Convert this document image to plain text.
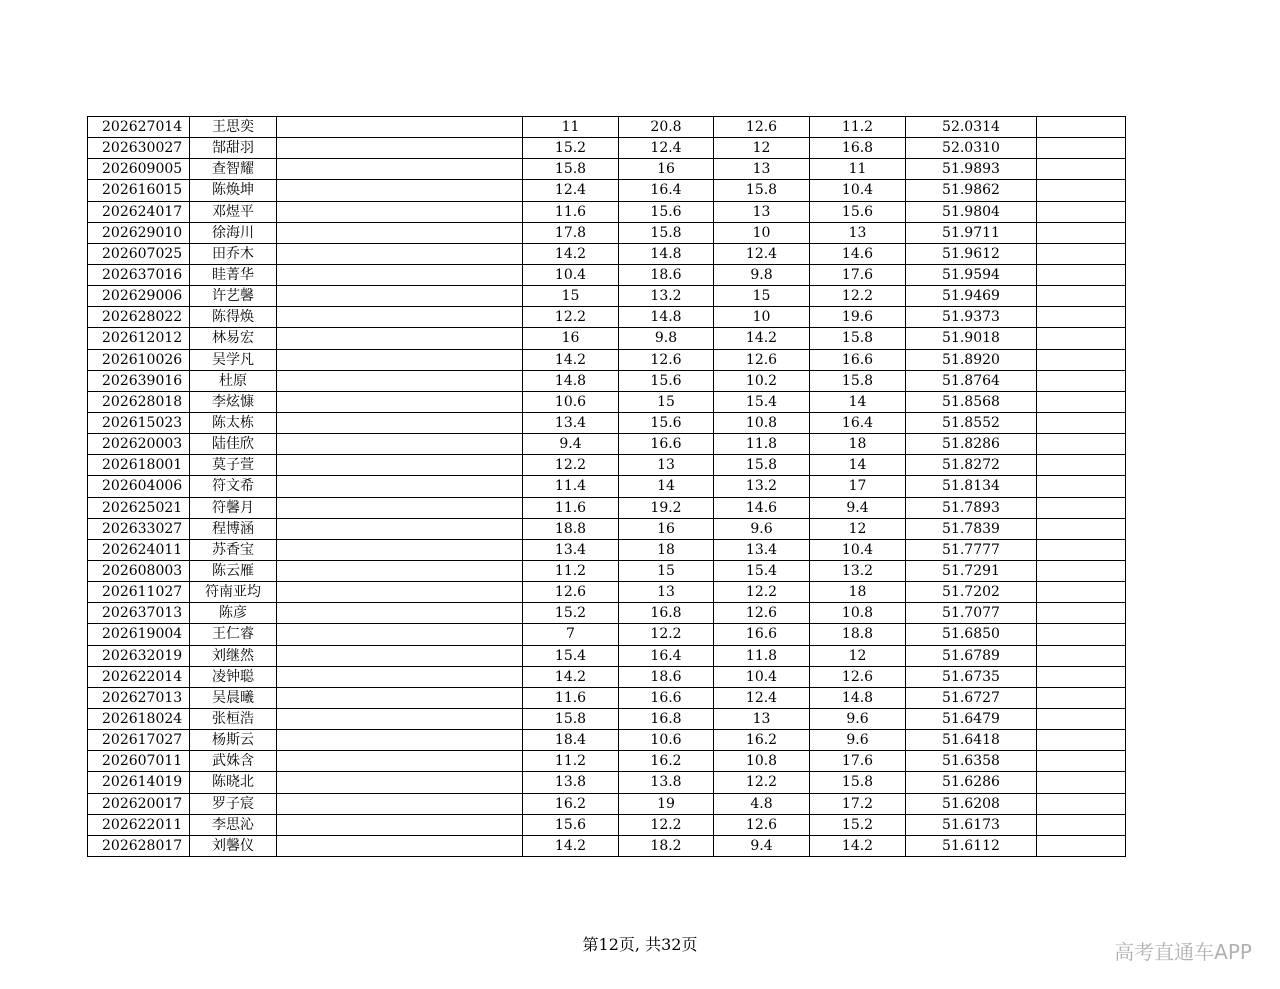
202627014	王思奕		11	20.8	12.6	11.2	52.0314	
202630027	郜甜羽		15.2	12.4	12	16.8	52.0310	
202609005	查智耀		15.8	16	13	11	51.9893	
202616015	陈焕坤		12.4	16.4	15.8	10.4	51.9862	
202624017	邓煜平		11.6	15.6	13	15.6	51.9804	
202629010	徐海川		17.8	15.8	10	13	51.9711	
202607025	田乔木		14.2	14.8	12.4	14.6	51.9612	
202637016	眭菁华		10.4	18.6	9.8	17.6	51.9594	
202629006	许艺馨		15	13.2	15	12.2	51.9469	
202628022	陈得焕		12.2	14.8	10	19.6	51.9373	
202612012	林易宏		16	9.8	14.2	15.8	51.9018	
202610026	吴学凡		14.2	12.6	12.6	16.6	51.8920	
202639016	杜原		14.8	15.6	10.2	15.8	51.8764	
202628018	李炫慷		10.6	15	15.4	14	51.8568	
202615023	陈太栋		13.4	15.6	10.8	16.4	51.8552	
202620003	陆佳欣		9.4	16.6	11.8	18	51.8286	
202618001	莫子萱		12.2	13	15.8	14	51.8272	
202604006	符文希		11.4	14	13.2	17	51.8134	
202625021	符馨月		11.6	19.2	14.6	9.4	51.7893	
202633027	程博涵		18.8	16	9.6	12	51.7839	
202624011	苏香宝		13.4	18	13.4	10.4	51.7777	
202608003	陈云雁		11.2	15	15.4	13.2	51.7291	
202611027	符南亚均		12.6	13	12.2	18	51.7202	
202637013	陈彦		15.2	16.8	12.6	10.8	51.7077	
202619004	王仁睿		7	12.2	16.6	18.8	51.6850	
202632019	刘继然		15.4	16.4	11.8	12	51.6789	
202622014	凌钟聪		14.2	18.6	10.4	12.6	51.6735	
202627013	吴晨曦		11.6	16.6	12.4	14.8	51.6727	
202618024	张桓浩		15.8	16.8	13	9.6	51.6479	
202617027	杨斯云		18.4	10.6	16.2	9.6	51.6418	
202607011	武姝含		11.2	16.2	10.8	17.6	51.6358	
202614019	陈晓北		13.8	13.8	12.2	15.8	51.6286	
202620017	罗子宸		16.2	19	4.8	17.2	51.6208	
202622011	李思沁		15.6	12.2	12.6	15.2	51.6173	
202628017	刘馨仪		14.2	18.2	9.4	14.2	51.6112	
第12页, 共32页	高考直通车APP
